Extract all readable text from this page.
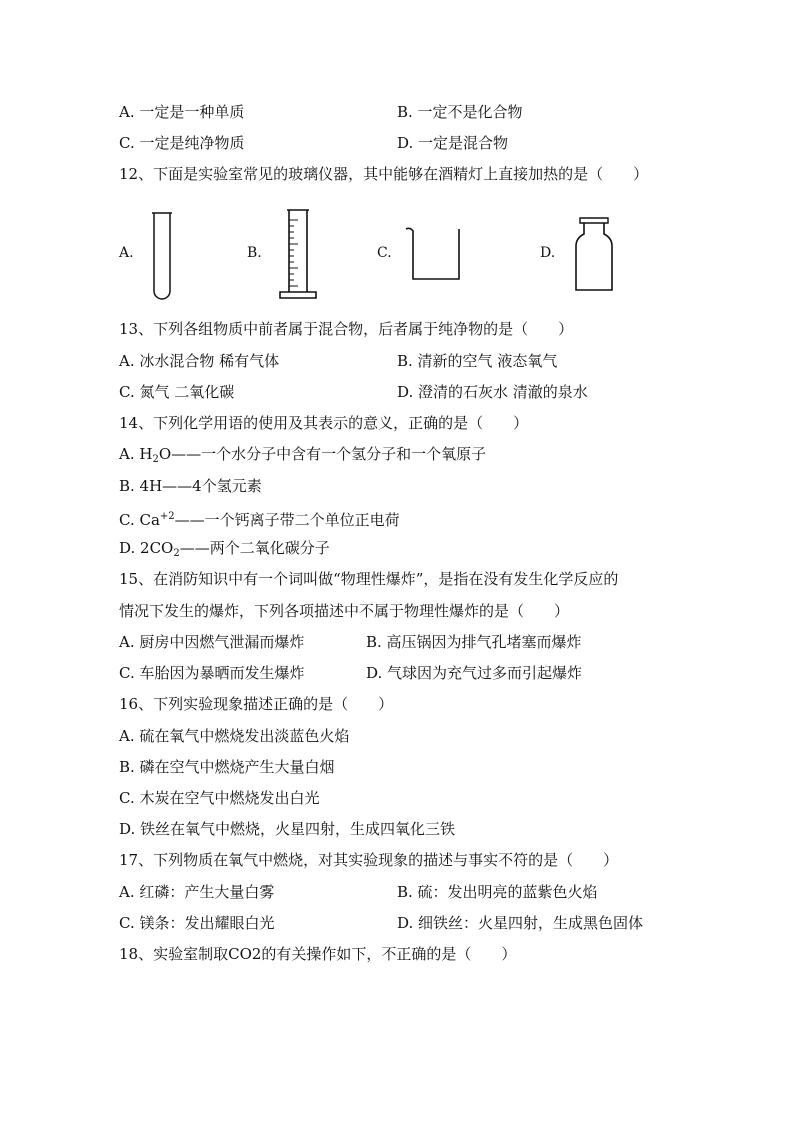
A. 一定是一种单质	B. 一定不是化合物
C. 一定是纯净物质	D. 一定是混合物
12、下面是实验室常见的玻璃仪器，其中能够在酒精灯上直接加热的是（　　）
A.	B.	C.	D.
13、下列各组物质中前者属于混合物，后者属于纯净物的是（　　）
A. 冰水混合物 稀有气体	B. 清新的空气 液态氧气
C. 氮气 二氧化碳	D. 澄清的石灰水 清澈的泉水
14、下列化学用语的使用及其表示的意义，正确的是（　　）
A. $H_2O——$一个水分子中含有一个氢分子和一个氧原子
B. 4H——4个氢元素
C. $Ca^{+2}——$一个钙离子带二个单位正电荷
D. $2CO_2——$两个二氧化碳分子
15、在消防知识中有一个词叫做“物理性爆炸”，是指在没有发生化学反应的
情况下发生的爆炸，下列各项描述中不属于物理性爆炸的是（　　）
A. 厨房中因燃气泄漏而爆炸	B. 高压锅因为排气孔堵塞而爆炸
C. 车胎因为暴晒而发生爆炸	D. 气球因为充气过多而引起爆炸
16、下列实验现象描述正确的是（　　）
A. 硫在氧气中燃烧发出淡蓝色火焰
B. 磷在空气中燃烧产生大量白烟
C. 木炭在空气中燃烧发出白光
D. 铁丝在氧气中燃烧，火星四射，生成四氧化三铁
17、下列物质在氧气中燃烧，对其实验现象的描述与事实不符的是（　　）
A. 红磷：产生大量白雾	B. 硫：发出明亮的蓝紫色火焰
C. 镁条：发出耀眼白光	D. 细铁丝：火星四射，生成黑色固体
18、实验室制取CO2的有关操作如下，不正确的是（　　）
